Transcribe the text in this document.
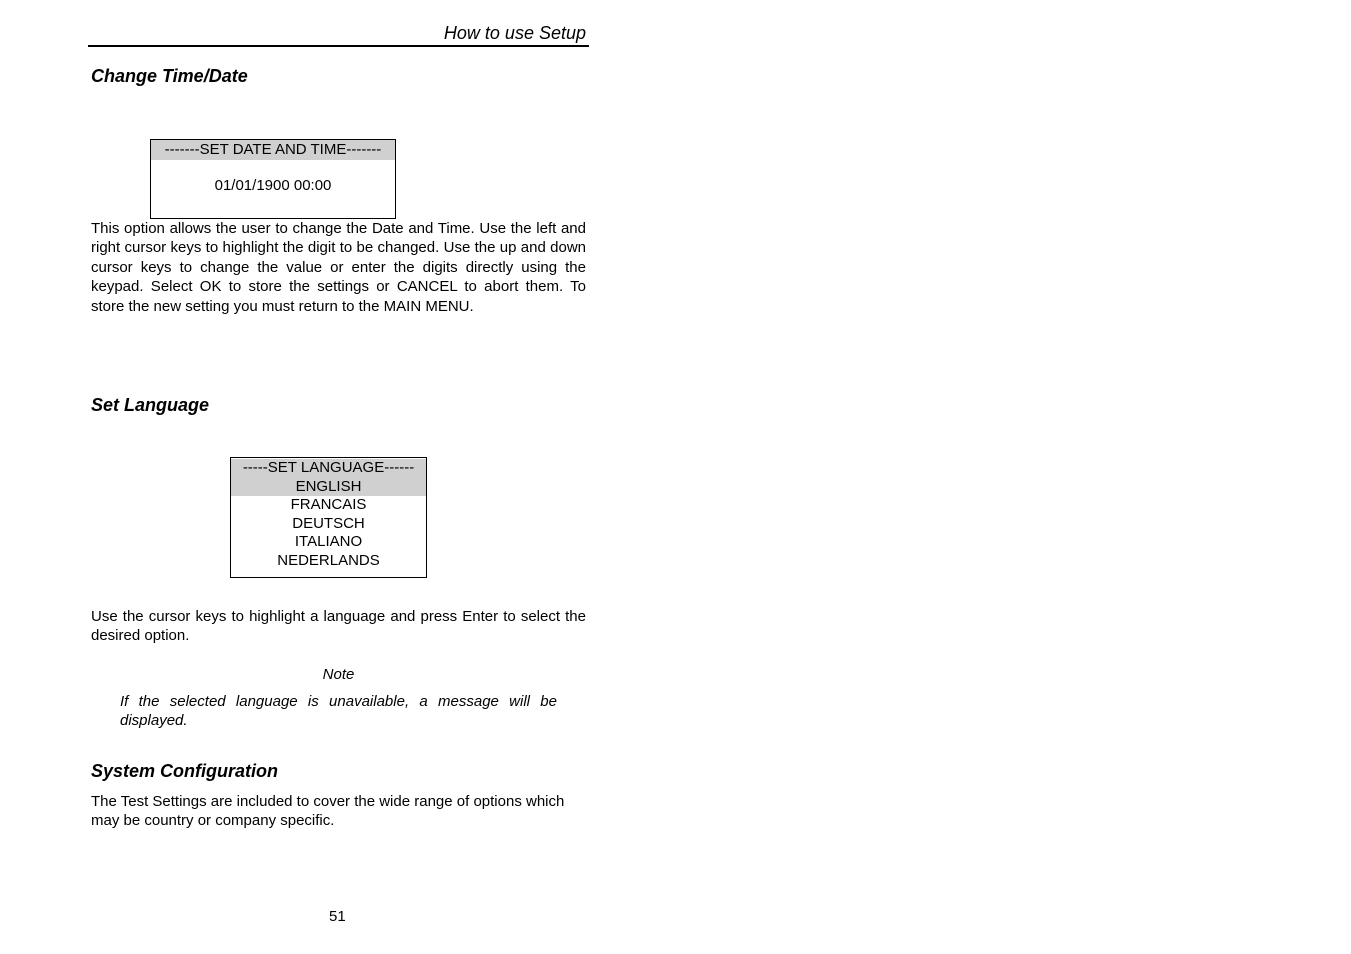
How to use Setup
Change Time/Date
-------SET DATE AND TIME-------
01/01/1900 00:00

This option allows the user to change the Date and Time. Use the left and right cursor keys to highlight the digit to be changed. Use the up and down cursor keys to change the value or enter the digits directly using the keypad. Select OK to store the settings or CANCEL to abort them. To store the new setting you must return to the MAIN MENU.

Set Language
-----SET LANGUAGE------
ENGLISH
FRANCAIS
DEUTSCH
ITALIANO
NEDERLANDS

Use the cursor keys to highlight a language and press Enter to select the desired option.

Note
If the selected language is unavailable, a message will be displayed.
System Configuration

The Test Settings are included to cover the wide range of options which may be country or company specific.

51
